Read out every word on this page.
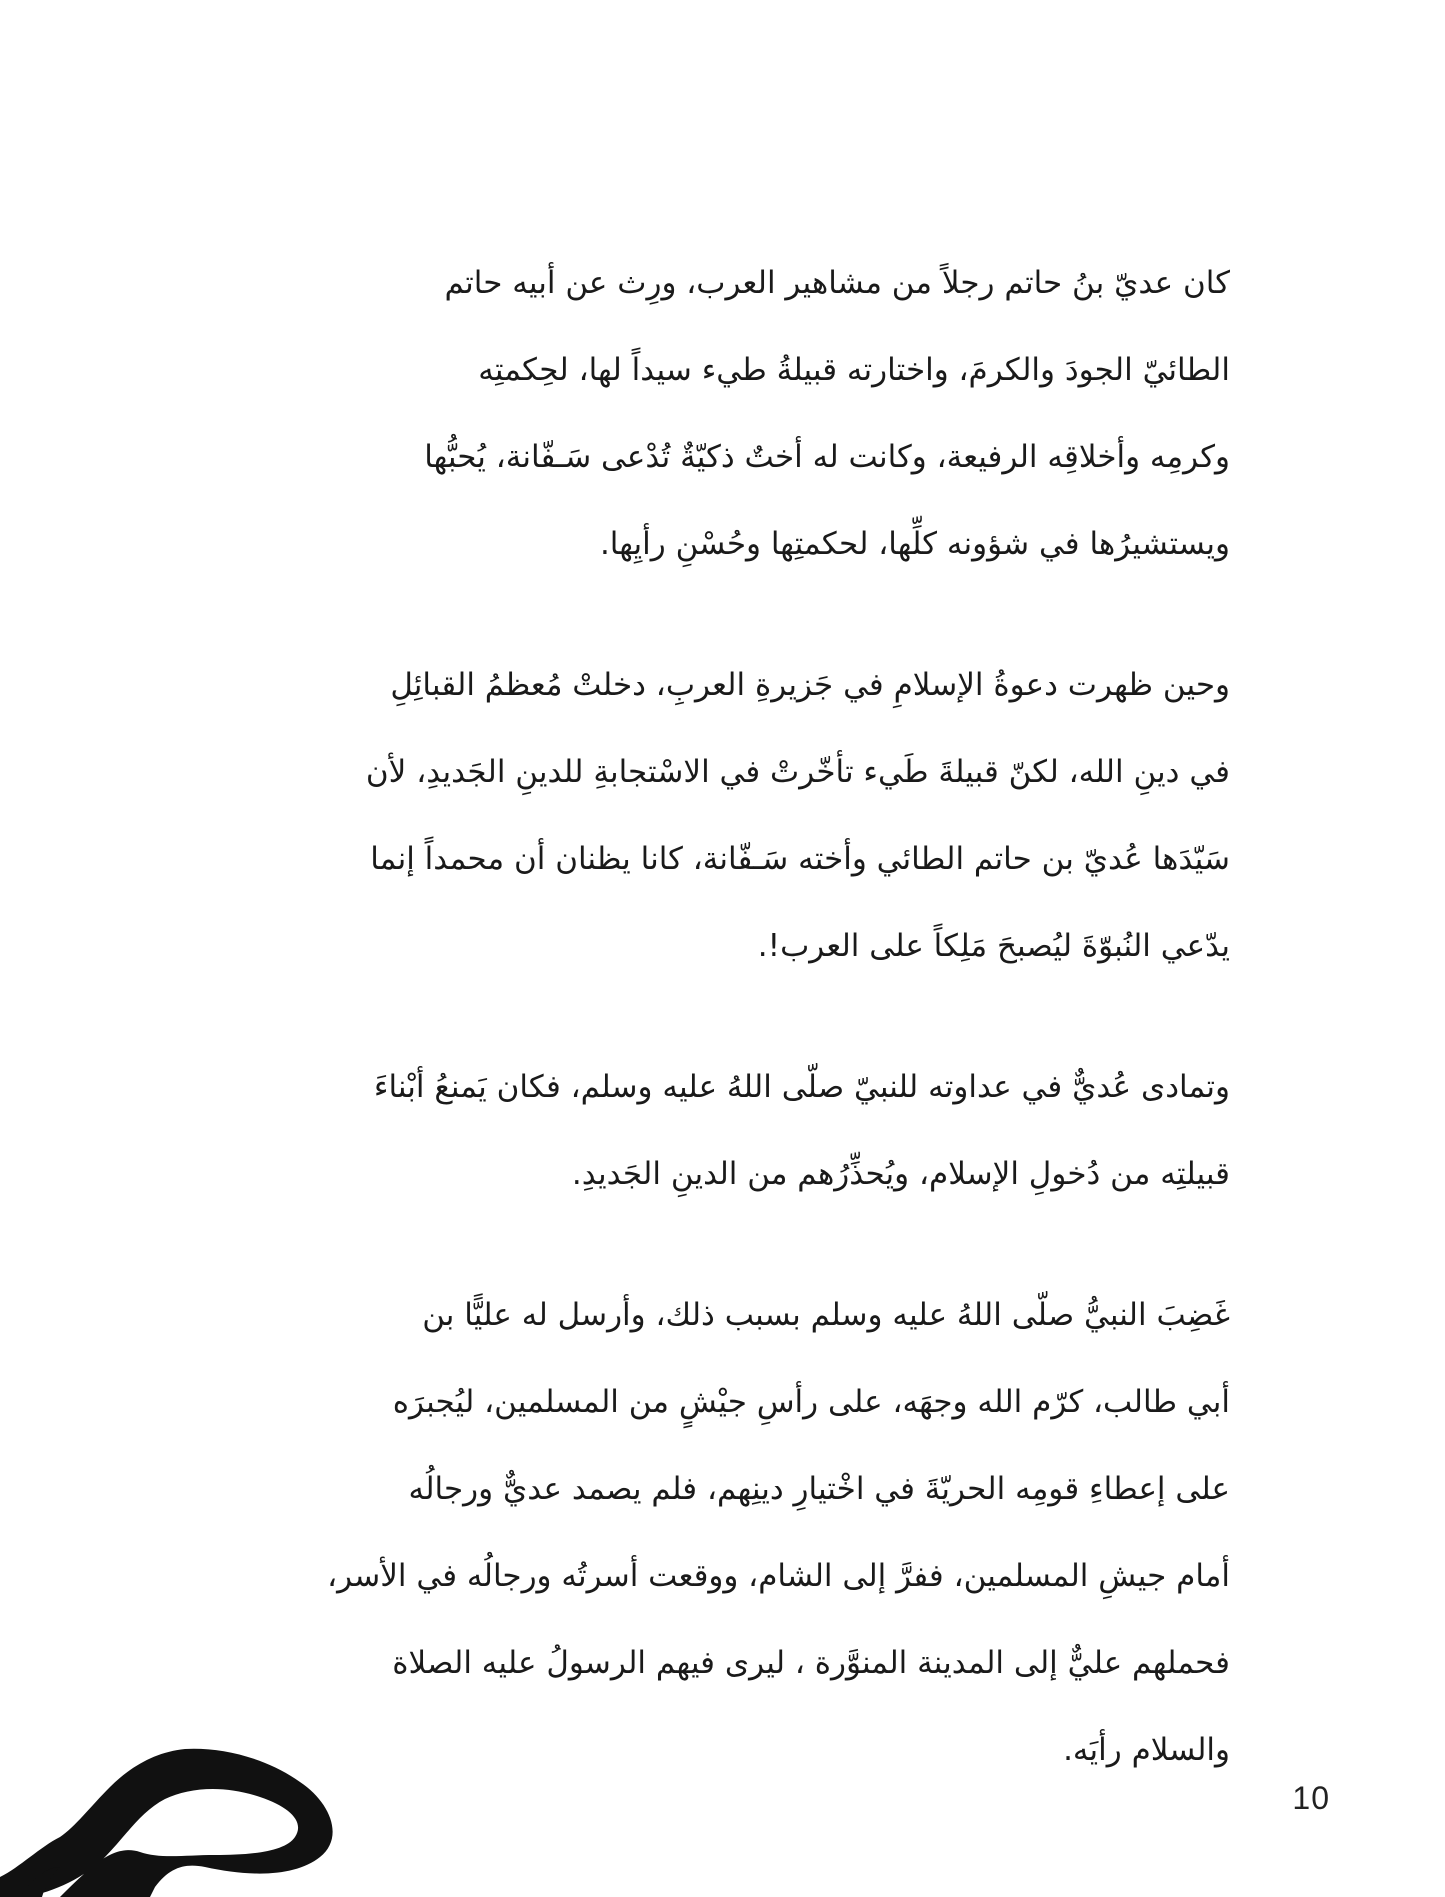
كان عديّ بنُ حاتم رجلاً من مشاهير العرب، ورِث عن أبيه حاتم
الطائيّ الجودَ والكرمَ، واختارته قبيلةُ طيء سيداً لها، لحِكمتِه
وكرمِه وأخلاقِه الرفيعة، وكانت له أختٌ ذكيّةٌ تُدْعى سَـفّانة، يُحبُّها
ويستشيرُها في شؤونه كلِّها، لحكمتِها وحُسْنِ رأيِها.

وحين ظهرت دعوةُ الإسلامِ في جَزيرةِ العربِ، دخلتْ مُعظمُ القبائِلِ
في دينِ الله، لكنّ قبيلةَ طَيء تأخّرتْ في الاسْتجابةِ للدينِ الجَديدِ، لأن
سَيّدَها عُديّ بن حاتم الطائي وأخته سَـفّانة، كانا يظنان أن محمداً إنما
يدّعي النُبوّةَ ليُصبحَ مَلِكاً على العرب!.

وتمادى عُديٌّ في عداوته للنبيّ صلّى اللهُ عليه وسلم، فكان يَمنعُ أبْناءَ
قبيلتِه من دُخولِ الإسلام، ويُحذِّرُهم من الدينِ الجَديدِ.

غَضِبَ النبيُّ صلّى اللهُ عليه وسلم بسبب ذلك، وأرسل له عليًّا بن
أبي طالب، كرّم الله وجهَه، على رأسِ جيْشٍ من المسلمين، ليُجبرَه
على إعطاءِ قومِه الحريّةَ في اخْتيارِ دينِهم، فلم يصمد عديٌّ ورجالُه
أمام جيشِ المسلمين، ففرَّ إلى الشام، ووقعت أسرتُه ورجالُه في الأسر،
فحملهم عليٌّ إلى المدينة المنوَّرة ، ليرى فيهم الرسولُ عليه الصلاة
والسلام رأيَه.

10
